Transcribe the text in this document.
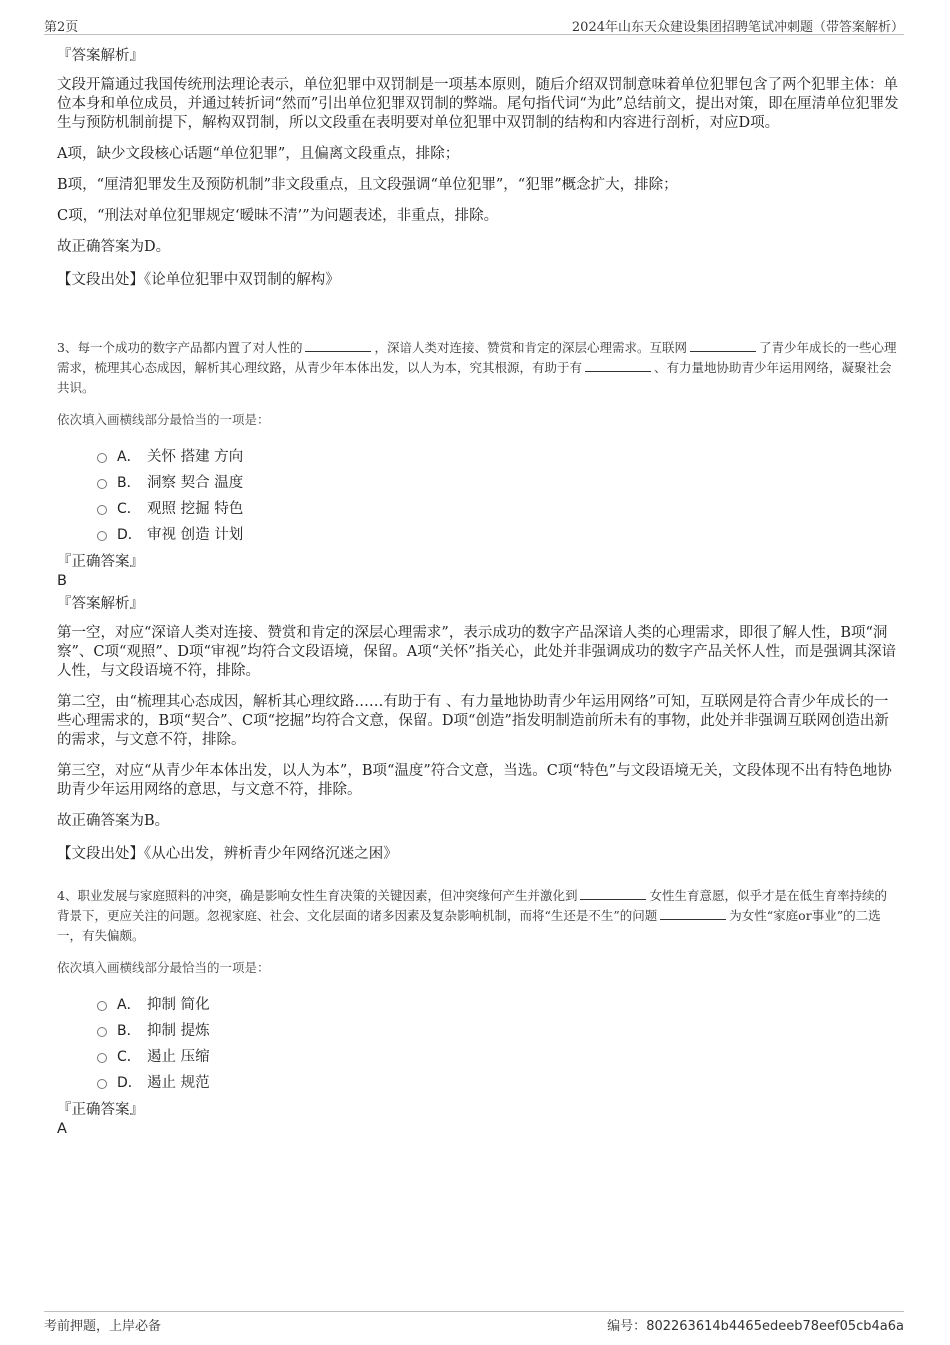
第2页	2024年山东天众建设集团招聘笔试冲刺题（带答案解析）

『答案解析』

文段开篇通过我国传统刑法理论表示，单位犯罪中双罚制是一项基本原则，随后介绍双罚制意味着单位犯罪包含了两个犯罪主体：单位本身和单位成员，并通过转折词“然而”引出单位犯罪双罚制的弊端。尾句指代词“为此”总结前文，提出对策，即在厘清单位犯罪发生与预防机制前提下，解构双罚制，所以文段重在表明要对单位犯罪中双罚制的结构和内容进行剖析，对应D项。

A项，缺少文段核心话题“单位犯罪”，且偏离文段重点，排除；

B项，“厘清犯罪发生及预防机制”非文段重点，且文段强调“单位犯罪”，“犯罪”概念扩大，排除；

C项，“刑法对单位犯罪规定‘暧昧不清’”为问题表述，非重点，排除。

故正确答案为D。

【文段出处】《论单位犯罪中双罚制的解构》

3、每一个成功的数字产品都内置了对人性的	，深谙人类对连接、赞赏和肯定的深层心理需求。互联网	了青少年成长的一些心理需求，梳理其心态成因，解析其心理纹路，从青少年本体出发，以人为本，究其根源，有助于有	、有力量地协助青少年运用网络，凝聚社会共识。

依次填入画横线部分最恰当的一项是：

A． 关怀 搭建 方向
B． 洞察 契合 温度
C． 观照 挖掘 特色
D． 审视 创造 计划

『正确答案』

B

『答案解析』

第一空，对应“深谙人类对连接、赞赏和肯定的深层心理需求”，表示成功的数字产品深谙人类的心理需求，即很了解人性，B项“洞察”、C项“观照”、D项“审视”均符合文段语境，保留。A项“关怀”指关心，此处并非强调成功的数字产品关怀人性，而是强调其深谙人性，与文段语境不符，排除。

第二空，由“梳理其心态成因，解析其心理纹路……有助于有 、有力量地协助青少年运用网络”可知，互联网是符合青少年成长的一些心理需求的，B项“契合”、C项“挖掘”均符合文意，保留。D项“创造”指发明制造前所未有的事物，此处并非强调互联网创造出新的需求，与文意不符，排除。

第三空，对应“从青少年本体出发，以人为本”，B项“温度”符合文意，当选。C项“特色”与文段语境无关，文段体现不出有特色地协助青少年运用网络的意思，与文意不符，排除。

故正确答案为B。

【文段出处】《从心出发，辨析青少年网络沉迷之困》

4、职业发展与家庭照料的冲突，确是影响女性生育决策的关键因素，但冲突缘何产生并激化到	女性生育意愿，似乎才是在低生育率持续的背景下，更应关注的问题。忽视家庭、社会、文化层面的诸多因素及复杂影响机制，而将“生还是不生”的问题	为女性“家庭or事业”的二选一，有失偏颇。

依次填入画横线部分最恰当的一项是：

A． 抑制 简化
B． 抑制 提炼
C． 遏止 压缩
D． 遏止 规范

『正确答案』

A

考前押题，上岸必备	编号：802263614b4465edeeb78eef05cb4a6a
